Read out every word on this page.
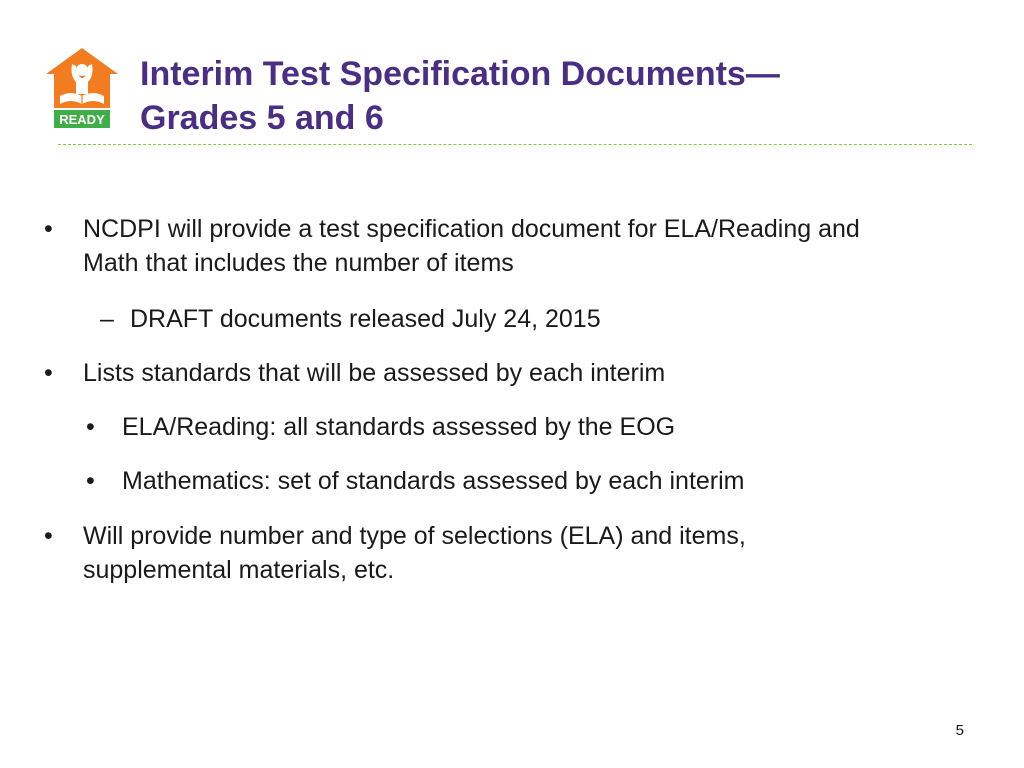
READY
Interim Test Specification Documents—
Grades 5 and 6
• NCDPI will provide a test specification document for ELA/Reading and
Math that includes the number of items
– DRAFT documents released July 24, 2015
• Lists standards that will be assessed by each interim
• ELA/Reading: all standards assessed by the EOG
• Mathematics: set of standards assessed by each interim
• Will provide number and type of selections (ELA) and items,
supplemental materials, etc.
5
